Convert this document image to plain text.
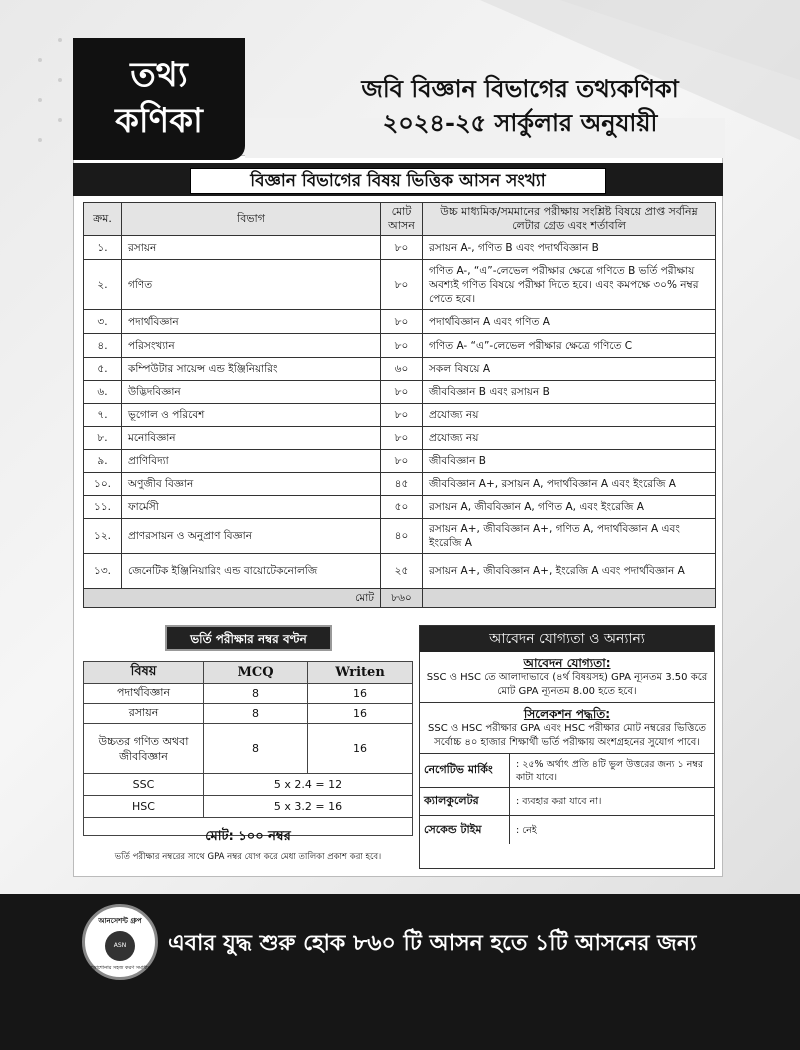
তথ্য
কণিকা
জবি বিজ্ঞান বিভাগের তথ্যকণিকা
২০২৪-২৫ সার্কুলার অনুযায়ী
বিজ্ঞান বিভাগের বিষয় ভিত্তিক আসন সংখ্যা
ক্রম.	বিভাগ	মোট আসন	উচ্চ মাধ্যমিক/সমমানের পরীক্ষায় সংশ্লিষ্ট বিষয়ে প্রাপ্ত সর্বনিম্ন লেটার গ্রেড এবং শর্তাবলি
১.	রসায়ন	৮০	রসায়ন A-, গণিত B এবং পদার্থবিজ্ঞান B
২.	গণিত	৮০	গণিত A-, “এ”-লেভেল পরীক্ষার ক্ষেত্রে গণিতে B ভর্তি পরীক্ষায় অবশ্যই গণিত বিষয়ে পরীক্ষা দিতে হবে। এবং কমপক্ষে ৩০% নম্বর পেতে হবে।
৩.	পদার্থবিজ্ঞান	৮০	পদার্থবিজ্ঞান A এবং গণিত A
৪.	পরিসংখ্যান	৮০	গণিত A- “এ”-লেভেল পরীক্ষার ক্ষেত্রে গণিতে C
৫.	কম্পিউটার সায়েন্স এন্ড ইঞ্জিনিয়ারিং	৬০	সকল বিষয়ে A
৬.	উদ্ভিদবিজ্ঞান	৮০	জীববিজ্ঞান B এবং রসায়ন B
৭.	ভূগোল ও পরিবেশ	৮০	প্রযোজ্য নয়
৮.	মনোবিজ্ঞান	৮০	প্রযোজ্য নয়
৯.	প্রাণিবিদ্যা	৮০	জীববিজ্ঞান B
১০.	অণুজীব বিজ্ঞান	৪৫	জীববিজ্ঞান A+, রসায়ন A, পদার্থবিজ্ঞান A এবং ইংরেজি A
১১.	ফার্মেসী	৫০	রসায়ন A, জীববিজ্ঞান A, গণিত A, এবং ইংরেজি A
১২.	প্রাণরসায়ন ও অনুপ্রাণ বিজ্ঞান	৪০	রসায়ন A+, জীববিজ্ঞান A+, গণিত A, পদার্থবিজ্ঞান A এবং ইংরেজি A
১৩.	জেনেটিক ইঞ্জিনিয়ারিং এন্ড বায়োটেকনোলজি	২৫	রসায়ন A+, জীববিজ্ঞান A+, ইংরেজি A এবং পদার্থবিজ্ঞান A
মোট		৮৬০	
ভর্তি পরীক্ষার নম্বর বণ্টন
বিষয়	MCQ	Writen
পদার্থবিজ্ঞান	8	16
রসায়ন	8	16
উচ্চতর গণিত অথবা জীববিজ্ঞান	8	16
SSC	5 x 2.4 = 12	
HSC	5 x 3.2 = 16	

মোট: ১০০ নম্বর
ভর্তি পরীক্ষার নম্বরের সাথে GPA নম্বর যোগ করে মেধা তালিকা প্রকাশ করা হবে।
আবেদন যোগ্যতা ও অন্যান্য
আবেদন যোগ্যতা:
SSC ও HSC তে আলাদাভাবে (৪র্থ বিষয়সহ) GPA ন্যূনতম 3.50 করে মোট GPA ন্যূনতম 8.00 হতে হবে।
সিলেকশন পদ্ধতি:
SSC ও HSC পরীক্ষার GPA এবং HSC পরীক্ষার মোট নম্বরের ভিত্তিতে সর্বোচ্চ ৪০ হাজার শিক্ষার্থী ভর্তি পরীক্ষায় অংশগ্রহনের সুযোগ পাবে।
নেগেটিভ মার্কিং	: ২৫% অর্থাৎ প্রতি ৪টি ভুল উত্তরের জন্য ১ নম্বর কাটা যাবে।
ক্যালকুলেটর	: ব্যবহার করা যাবে না।
সেকেন্ড টাইম	: নেই
আনসেশন্ট গ্রুপ
ASN
পড়াশোনার সহজ করণ সমাধান
এবার যুদ্ধ শুরু হোক ৮৬০ টি আসন হতে ১টি আসনের জন্য
